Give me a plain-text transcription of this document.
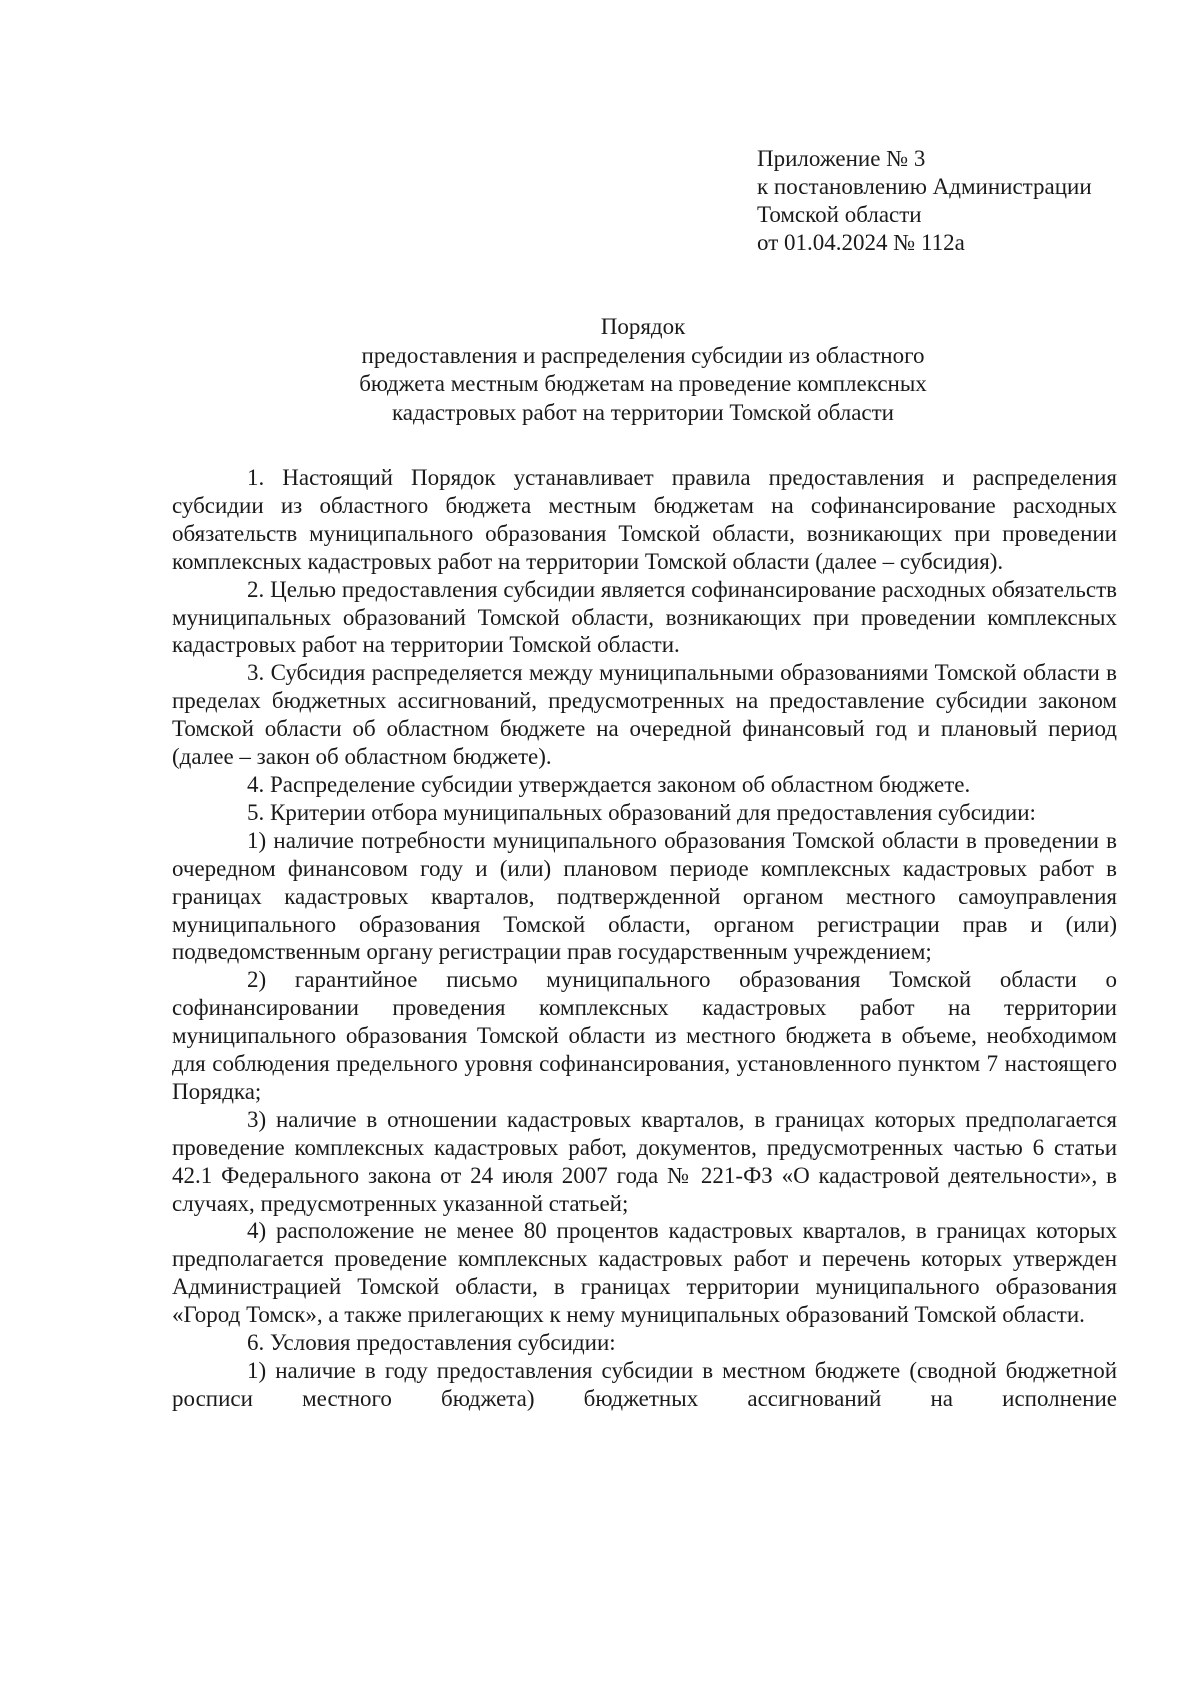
Приложение № 3
к постановлению Администрации
Томской области
от 01.04.2024 № 112а
Порядок
предоставления и распределения субсидии из областного
бюджета местным бюджетам на проведение комплексных
кадастровых работ на территории Томской области

1. Настоящий Порядок устанавливает правила предоставления и распределения субсидии из областного бюджета местным бюджетам на софинансирование расходных обязательств муниципального образования Томской области, возникающих при проведении комплексных кадастровых работ на территории Томской области (далее – субсидия).

2. Целью предоставления субсидии является софинансирование расходных обязательств муниципальных образований Томской области, возникающих при проведении комплексных кадастровых работ на территории Томской области.

3. Субсидия распределяется между муниципальными образованиями Томской области в пределах бюджетных ассигнований, предусмотренных на предоставление субсидии законом Томской области об областном бюджете на очередной финансовый год и плановый период (далее – закон об областном бюджете).

4. Распределение субсидии утверждается законом об областном бюджете.

5. Критерии отбора муниципальных образований для предоставления субсидии:

1) наличие потребности муниципального образования Томской области в проведении в очередном финансовом году и (или) плановом периоде комплексных кадастровых работ в границах кадастровых кварталов, подтвержденной органом местного самоуправления муниципального образования Томской области, органом регистрации прав и (или) подведомственным органу регистрации прав государственным учреждением;

2) гарантийное письмо муниципального образования Томской области о софинансировании проведения комплексных кадастровых работ на территории муниципального образования Томской области из местного бюджета в объеме, необходимом для соблюдения предельного уровня софинансирования, установленного пунктом 7 настоящего Порядка;

3) наличие в отношении кадастровых кварталов, в границах которых предполагается проведение комплексных кадастровых работ, документов, предусмотренных частью 6 статьи 42.1 Федерального закона от 24 июля 2007 года № 221-ФЗ «О кадастровой деятельности», в случаях, предусмотренных указанной статьей;

4) расположение не менее 80 процентов кадастровых кварталов, в границах которых предполагается проведение комплексных кадастровых работ и перечень которых утвержден Администрацией Томской области, в границах территории муниципального образования «Город Томск», а также прилегающих к нему муниципальных образований Томской области.

6. Условия предоставления субсидии:

1) наличие в году предоставления субсидии в местном бюджете (сводной бюджетной росписи местного бюджета) бюджетных ассигнований на исполнение
